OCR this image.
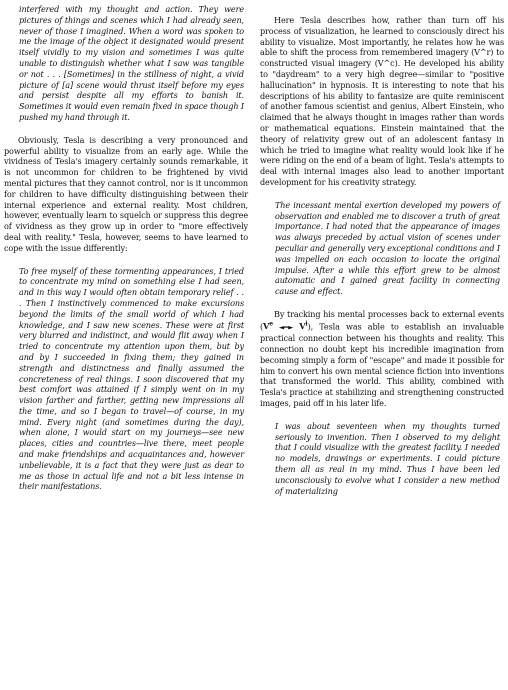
interfered with my thought and action. They were pictures of things and scenes which I had already seen, never of those I imagined. When a word was spoken to me the image of the object it designated would present itself vividly to my vision and sometimes I was quite unable to distinguish whether what I saw was tangible or not . . . [Sometimes] in the stillness of night, a vivid picture of [a] scene would thrust itself before my eyes and persist despite all my efforts to banish it. Sometimes it would even remain fixed in space though I pushed my hand through it.

Obviously, Tesla is describing a very pronounced and powerful ability to visualize from an early age. While the vividness of Tesla's imagery certainly sounds remarkable, it is not uncommon for children to be frightened by vivid mental pictures that they cannot control, nor is it uncommon for children to have difficulty distinguishing between their internal experience and external reality. Most children, however, eventually learn to squelch or suppress this degree of vividness as they grow up in order to "more effectively deal with reality." Tesla, however, seems to have learned to cope with the issue differently:

To free myself of these tormenting appearances, I tried to concentrate my mind on something else I had seen, and in this way I would often obtain temporary relief . . . Then I instinctively commenced to make excursions beyond the limits of the small world of which I had knowledge, and I saw new scenes. These were at first very blurred and indistinct, and would flit away when I tried to concentrate my attention upon them, but by and by I succeeded in fixing them; they gained in strength and distinctness and finally assumed the concreteness of real things. I soon discovered that my best comfort was attained if I simply went on in my vision farther and farther, getting new impressions all the time, and so I began to travel—of course, in my mind. Every night (and sometimes during the day), when alone, I would start on my journeys—see new places, cities and countries—live there, meet people and make friendships and acquaintances and, however unbelievable, it is a fact that they were just as dear to me as those in actual life and not a bit less intense in their manifestations.

Here Tesla describes how, rather than turn off his process of visualization, he learned to consciously direct his ability to visualize. Most importantly, he relates how he was able to shift the process from remembered imagery (V^r) to constructed visual imagery (V^c). He developed his ability to "daydream" to a very high degree—similar to "positive hallucination" in hypnosis. It is interesting to note that his descriptions of his ability to fantasize are quite reminiscent of another famous scientist and genius, Albert Einstein, who claimed that he always thought in images rather than words or mathematical equations. Einstein maintained that the theory of relativity grew out of an adolescent fantasy in which he tried to imagine what reality would look like if he were riding on the end of a beam of light. Tesla's attempts to deal with internal images also lead to another important development for his creativity strategy.

The incessant mental exertion developed my powers of observation and enabled me to discover a truth of great importance. I had noted that the appearance of images was always preceded by actual vision of scenes under peculiar and generally very exceptional conditions and I was impelled on each occasion to locate the original impulse. After a while this effort grew to be almost automatic and I gained great facility in connecting cause and effect.

By tracking his mental processes back to external events (Ve ◄━► $V^i$), Tesla was able to establish an invaluable practical connection between his thoughts and reality. This connection no doubt kept his incredible imagination from becoming simply a form of "escape" and made it possible for him to convert his own mental science fiction into inventions that transformed the world. This ability, combined with Tesla's practice at stabilizing and strengthening constructed images, paid off in his later life.

I was about seventeen when my thoughts turned seriously to invention. Then I observed to my delight that I could visualize with the greatest facility. I needed no models, drawings or experiments. I could picture them all as real in my mind. Thus I have been led unconsciously to evolve what I consider a new method of materializing
